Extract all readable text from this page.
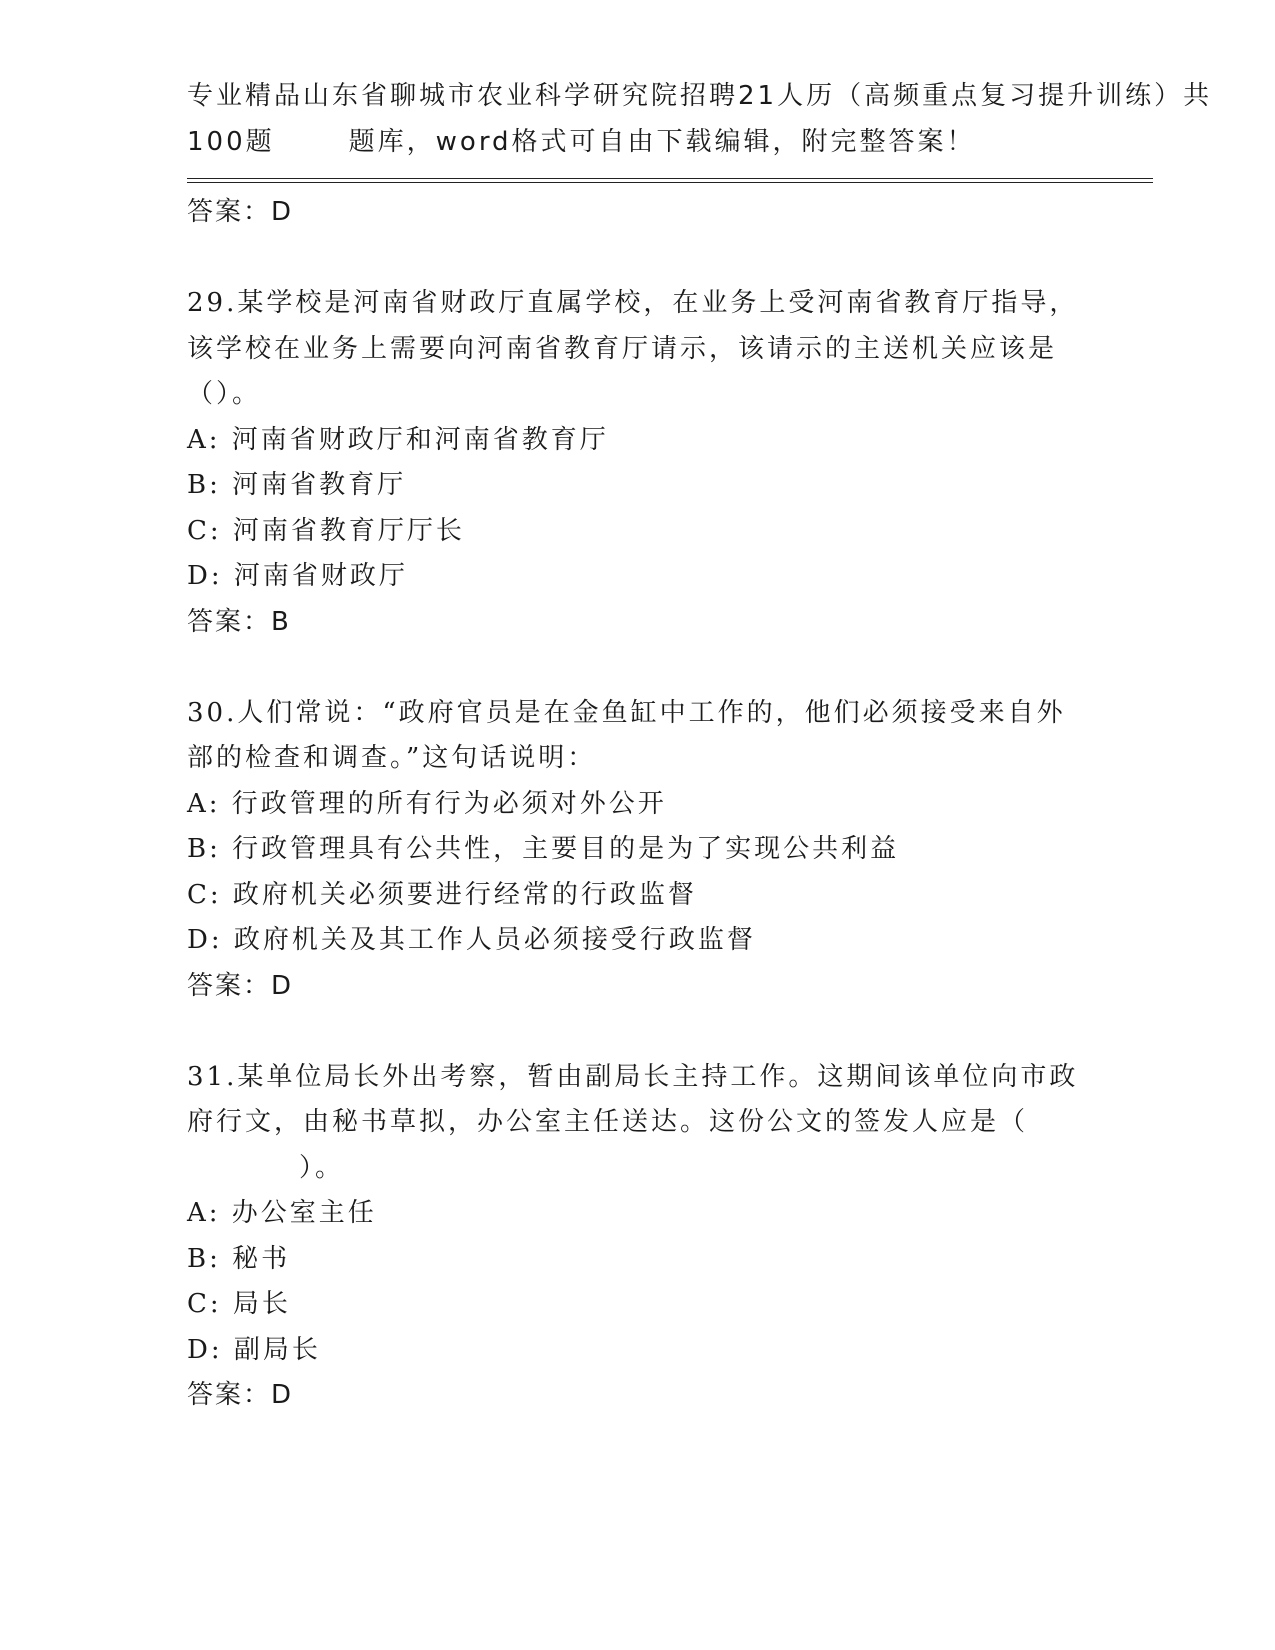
专业精品山东省聊城市农业科学研究院招聘21人历（高频重点复习提升训练）共
100题	题库，word格式可自由下载编辑，附完整答案！
答案：D
29.某学校是河南省财政厅直属学校，在业务上受河南省教育厅指导，
该学校在业务上需要向河南省教育厅请示，该请示的主送机关应该是
（）。
A: 河南省财政厅和河南省教育厅
B: 河南省教育厅
C: 河南省教育厅厅长
D: 河南省财政厅
答案：B
30.人们常说：“政府官员是在金鱼缸中工作的，他们必须接受来自外
部的检查和调查。”这句话说明：
A: 行政管理的所有行为必须对外公开
B: 行政管理具有公共性，主要目的是为了实现公共利益
C: 政府机关必须要进行经常的行政监督
D: 政府机关及其工作人员必须接受行政监督
答案：D
31.某单位局长外出考察，暂由副局长主持工作。这期间该单位向市政
府行文，由秘书草拟，办公室主任送达。这份公文的签发人应是（
）。
A: 办公室主任
B: 秘书
C: 局长
D: 副局长
答案：D
